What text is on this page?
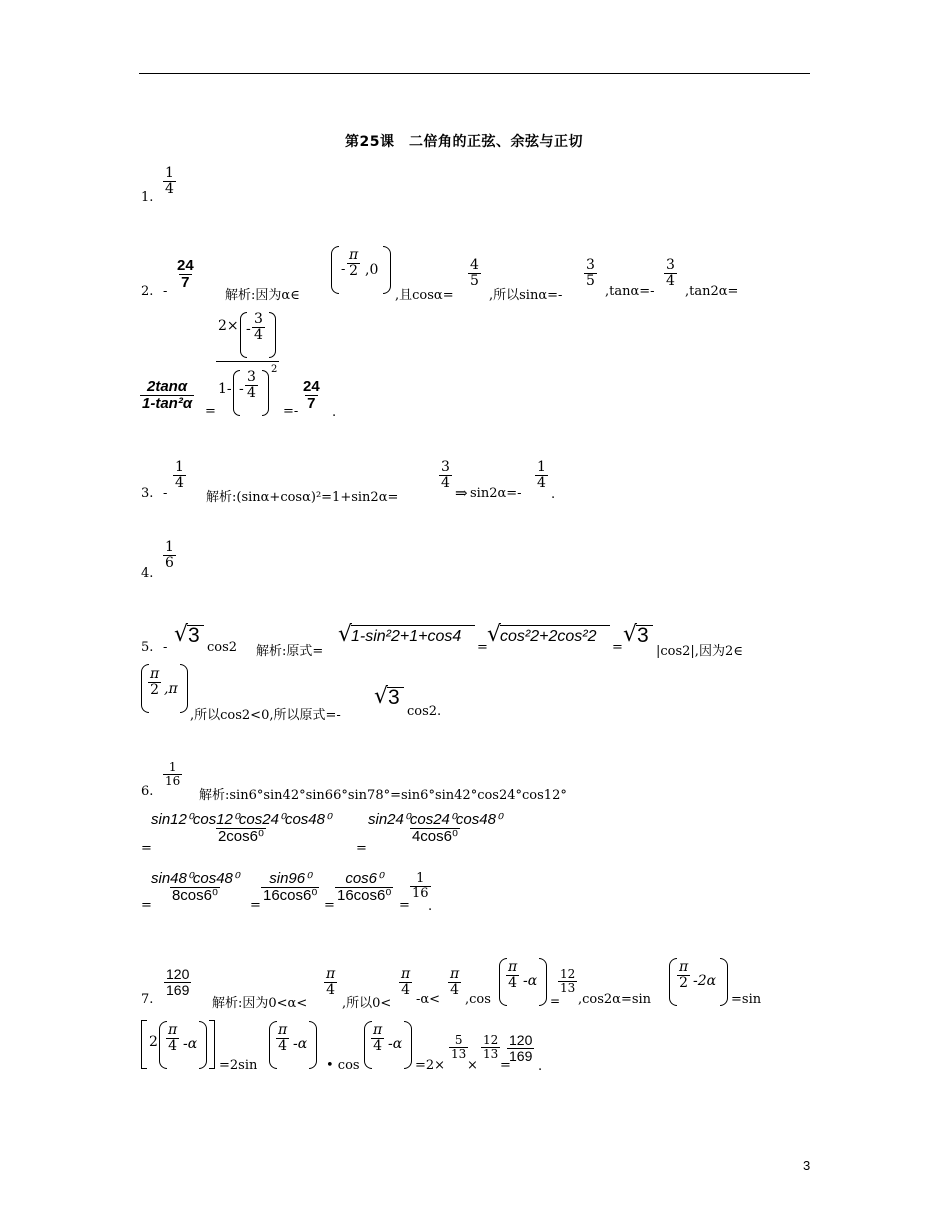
第25课　二倍角的正弦、余弦与正切
1.
$\frac{1}{4}$
2. -
$\frac{24}{7}$
解析:因为α∈
- $\frac{\pi}{2} ,0$
,且cosα=
$\frac{4}{5}$
,所以sinα=-
$\frac{3}{5}$
,tanα=-
$\frac{3}{4}$
,tan2α=
$\frac{2\tan\alpha}{\text{1-tan²α}}$ =
$2\times - \frac{3}{4}$
$1- - \frac{3}{4}$
2
=- $\frac{24}{7}$
.
3. -
$\frac{1}{4}$
解析:(sinα+cosα)²=1+sin2α=
$\frac{3}{4}$
⇒ sin2α=-
$\frac{1}{4}$
.
4.
$\frac{1}{6}$
5. -
√ 3
cos2 解析:原式=
√
1-sin²2+1+cos4
=
√
cos²2+2cos²2
=
√ 3
|cos2|,因为2∈
$\frac{\pi}{2} ,\pi$
,所以cos2<0,所以原式=-
√ 3
cos2.
6.
$\frac{1}{16}$
解析:sin6°sin42°sin66°sin78°=sin6°sin42°cos24°cos12°
=
$\frac{\text{sin12⁰cos12⁰cos24⁰cos48⁰}}{\text{2cos6⁰}}$
=
$\frac{\text{sin24⁰cos24⁰cos48⁰}}{\text{4cos6⁰}}$
=
$\frac{\text{sin48⁰cos48⁰}}{\text{8cos6⁰}}$
=
$\frac{\text{sin96⁰}}{\text{16cos6⁰}}$
=
$\frac{\text{cos6⁰}}{\text{16cos6⁰}}$
=
$\frac{1}{16}$
.
7.
$\frac{120}{169}$
解析:因为0<α<
$\frac{\pi}{4}$
,所以0<
$\frac{\pi}{4}$
-α<
$\frac{\pi}{4}$
,cos
$\frac{\pi}{4} -\alpha$
=
$\frac{12}{13}$
,cos2α=sin
$\frac{\pi}{2} -2\alpha$
=sin
$2 \frac{\pi}{4} -\alpha$
=2sin
$\frac{\pi}{4} -\alpha$
• cos
$\frac{\pi}{4} -\alpha$
=2×
$\frac{5}{13}$
×
$\frac{12}{13}$
=
$\frac{120}{169}$
.
3
